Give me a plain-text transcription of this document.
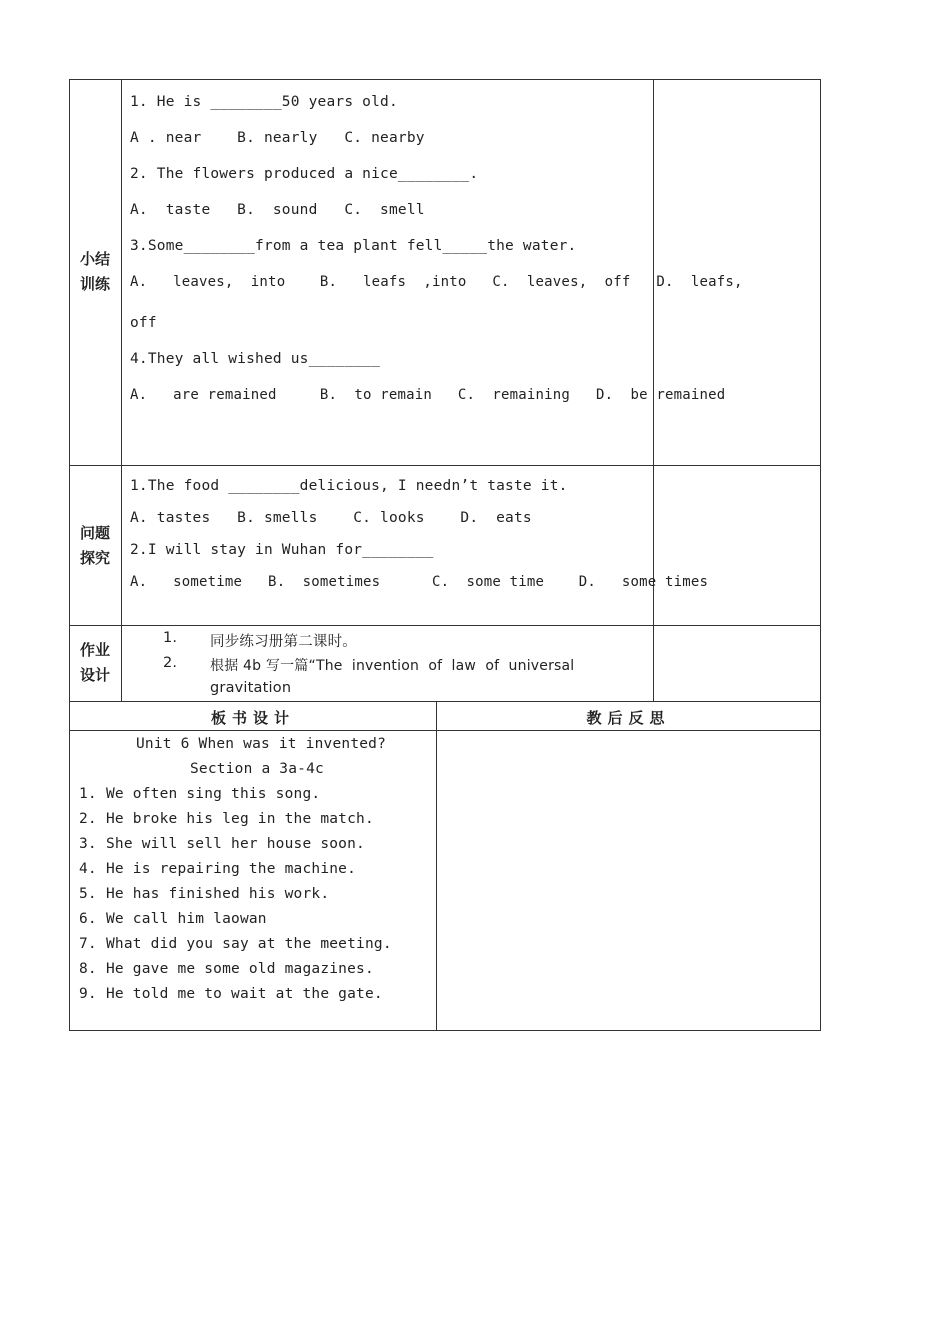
小结
训练
1. He is ________50 years old.
A . near    B. nearly   C. nearby
2. The flowers produced a nice________.
A.  taste   B.  sound   C.  smell
3.Some________from a tea plant fell_____the water.
A.   leaves,  into    B.   leafs  ,into   C.  leaves,  off   D.  leafs,
off
4.They all wished us________
A.   are remained     B.  to remain   C.  remaining   D.  be remained
问题
探究
1.The food ________delicious, I needn’t taste it.
A. tastes   B. smells    C. looks    D.  eats
2.I will stay in Wuhan for________
A.   sometime   B.  sometimes      C.  some time    D.   some times
作业
设计
1. 同步练习册第二课时。
2. 根据 4b 写一篇“The  invention  of  law  of  universal
gravitation
板书设计	教后反思
Unit 6 When was it invented?
Section a 3a-4c
1. We often sing this song.
2. He broke his leg in the match.
3. She will sell her house soon.
4. He is repairing the machine.
5. He has finished his work.
6. We call him laowan
7. What did you say at the meeting.
8. He gave me some old magazines.
9. He told me to wait at the gate.
